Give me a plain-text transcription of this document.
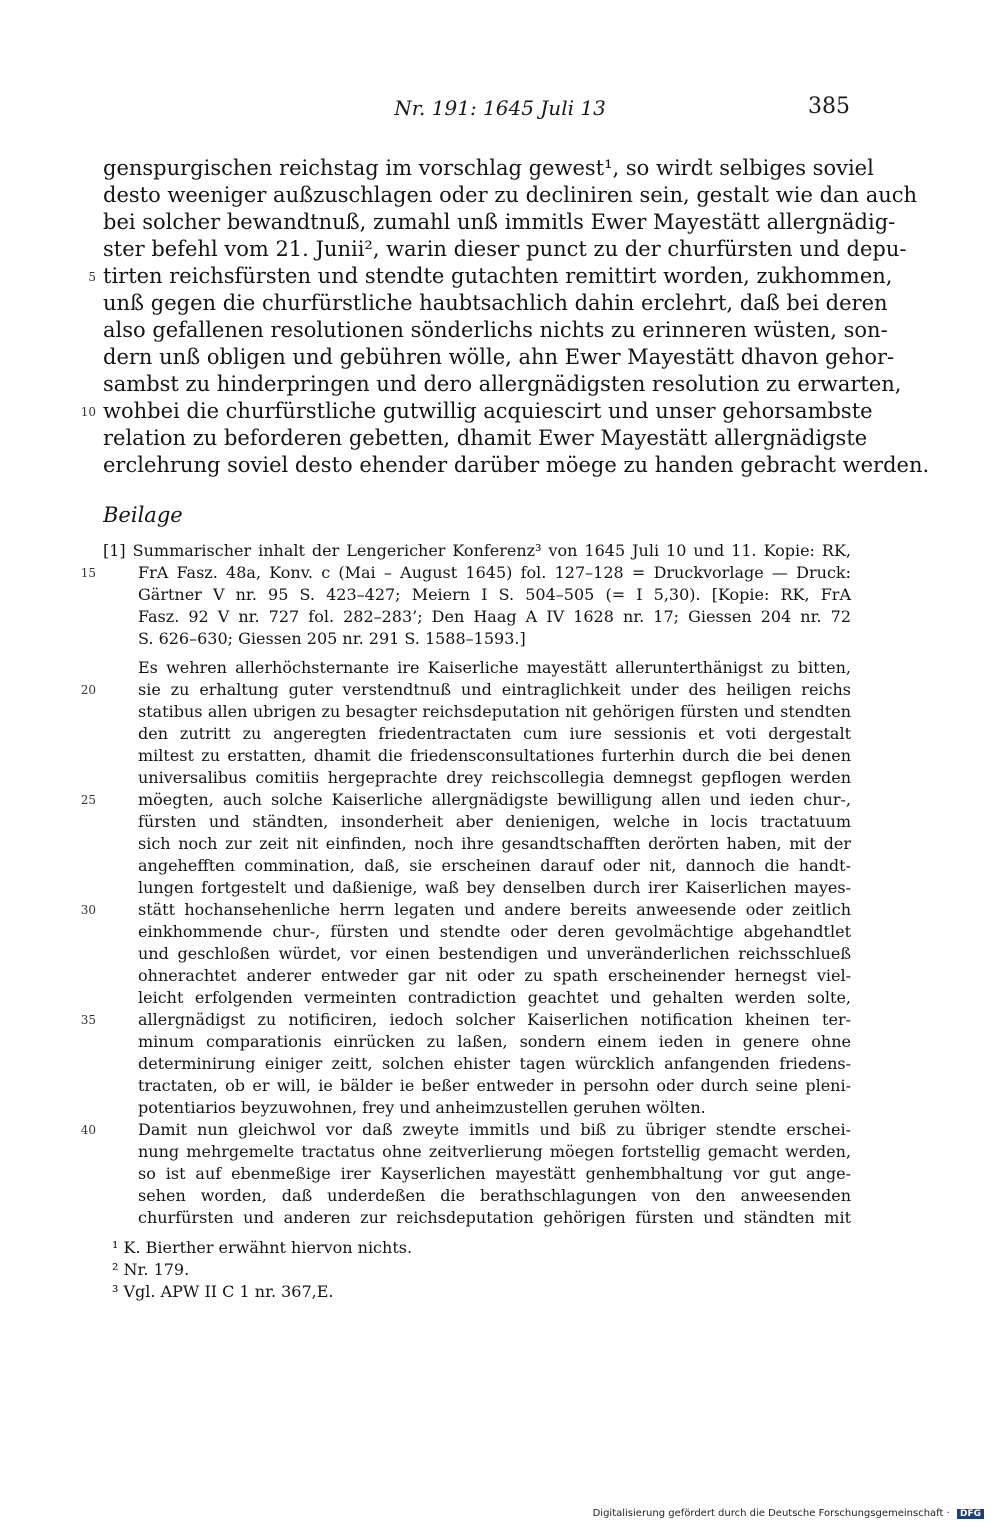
Nr. 191: 1645 Juli 13	385
genspurgischen reichstag im vorschlag gewest¹, so wirdt selbiges soviel
desto weeniger außzuschlagen oder zu decliniren sein, gestalt wie dan auch
bei solcher bewandtnuß, zumahl unß immitls Ewer Mayestätt allergnädig-
ster befehl vom 21. Junii², warin dieser punct zu der churfürsten und depu-
tirten reichsfürsten und stendte gutachten remittirt worden, zukhommen,
unß gegen die churfürstliche haubtsachlich dahin erclehrt, daß bei deren
also gefallenen resolutionen sönderlichs nichts zu erinneren wüsten, son-
dern unß obligen und gebühren wölle, ahn Ewer Mayestätt dhavon gehor-
sambst zu hinderpringen und dero allergnädigsten resolution zu erwarten,
wohbei die churfürstliche gutwillig acquiescirt und unser gehorsambste
relation zu beforderen gebetten, dhamit Ewer Mayestätt allergnädigste
erclehrung soviel desto ehender darüber möege zu handen gebracht werden.
5
10
Beilage
[1] Summarischer inhalt der Lengericher Konferenz³ von 1645 Juli 10 und 11. Kopie: RK,
FrA Fasz. 48a, Konv. c (Mai – August 1645) fol. 127–128 = Druckvorlage — Druck:
Gärtner V nr. 95 S. 423–427; Meiern I S. 504–505 (= I 5,30). [Kopie: RK, FrA
Fasz. 92 V nr. 727 fol. 282–283’; Den Haag A IV 1628 nr. 17; Giessen 204 nr. 72
S. 626–630; Giessen 205 nr. 291 S. 1588–1593.]
15
Es wehren allerhöchsternante ire Kaiserliche mayestätt allerunterthänigst zu bitten,
sie zu erhaltung guter verstendtnuß und eintraglichkeit under des heiligen reichs
statibus allen ubrigen zu besagter reichsdeputation nit gehörigen fürsten und stendten
den zutritt zu angeregten friedentractaten cum iure sessionis et voti dergestalt
miltest zu erstatten, dhamit die friedensconsultationes furterhin durch die bei denen
universalibus comitiis hergeprachte drey reichscollegia demnegst gepflogen werden
möegten, auch solche Kaiserliche allergnädigste bewilligung allen und ieden chur-,
fürsten und ständten, insonderheit aber denienigen, welche in locis tractatuum
sich noch zur zeit nit einfinden, noch ihre gesandtschafften derörten haben, mit der
angehefften commination, daß, sie erscheinen darauf oder nit, dannoch die handt-
lungen fortgestelt und daßienige, waß bey denselben durch irer Kaiserlichen mayes-
stätt hochansehenliche herrn legaten und andere bereits anweesende oder zeitlich
einkhommende chur-, fürsten und stendte oder deren gevolmächtige abgehandtlet
und geschloßen würdet, vor einen bestendigen und unveränderlichen reichsschlueß
ohnerachtet anderer entweder gar nit oder zu spath erscheinender hernegst viel-
leicht erfolgenden vermeinten contradiction geachtet und gehalten werden solte,
allergnädigst zu notificiren, iedoch solcher Kaiserlichen notification kheinen ter-
minum comparationis einrücken zu laßen, sondern einem ieden in genere ohne
determinirung einiger zeitt, solchen ehister tagen würcklich anfangenden friedens-
tractaten, ob er will, ie bälder ie beßer entweder in persohn oder durch seine pleni-
potentiarios beyzuwohnen, frey und anheimzustellen geruhen wölten.
Damit nun gleichwol vor daß zweyte immitls und biß zu übriger stendte erschei-
nung mehrgemelte tractatus ohne zeitverlierung möegen fortstellig gemacht werden,
so ist auf ebenmeßige irer Kayserlichen mayestätt genhembhaltung vor gut ange-
sehen worden, daß underdeßen die berathschlagungen von den anweesenden
churfürsten und anderen zur reichsdeputation gehörigen fürsten und ständten mit
20
25
30
35
40
¹ K. Bierther erwähnt hiervon nichts.
² Nr. 179.
³ Vgl. APW II C 1 nr. 367,E.
Digitalisierung gefördert durch die Deutsche Forschungsgemeinschaft · DFG
